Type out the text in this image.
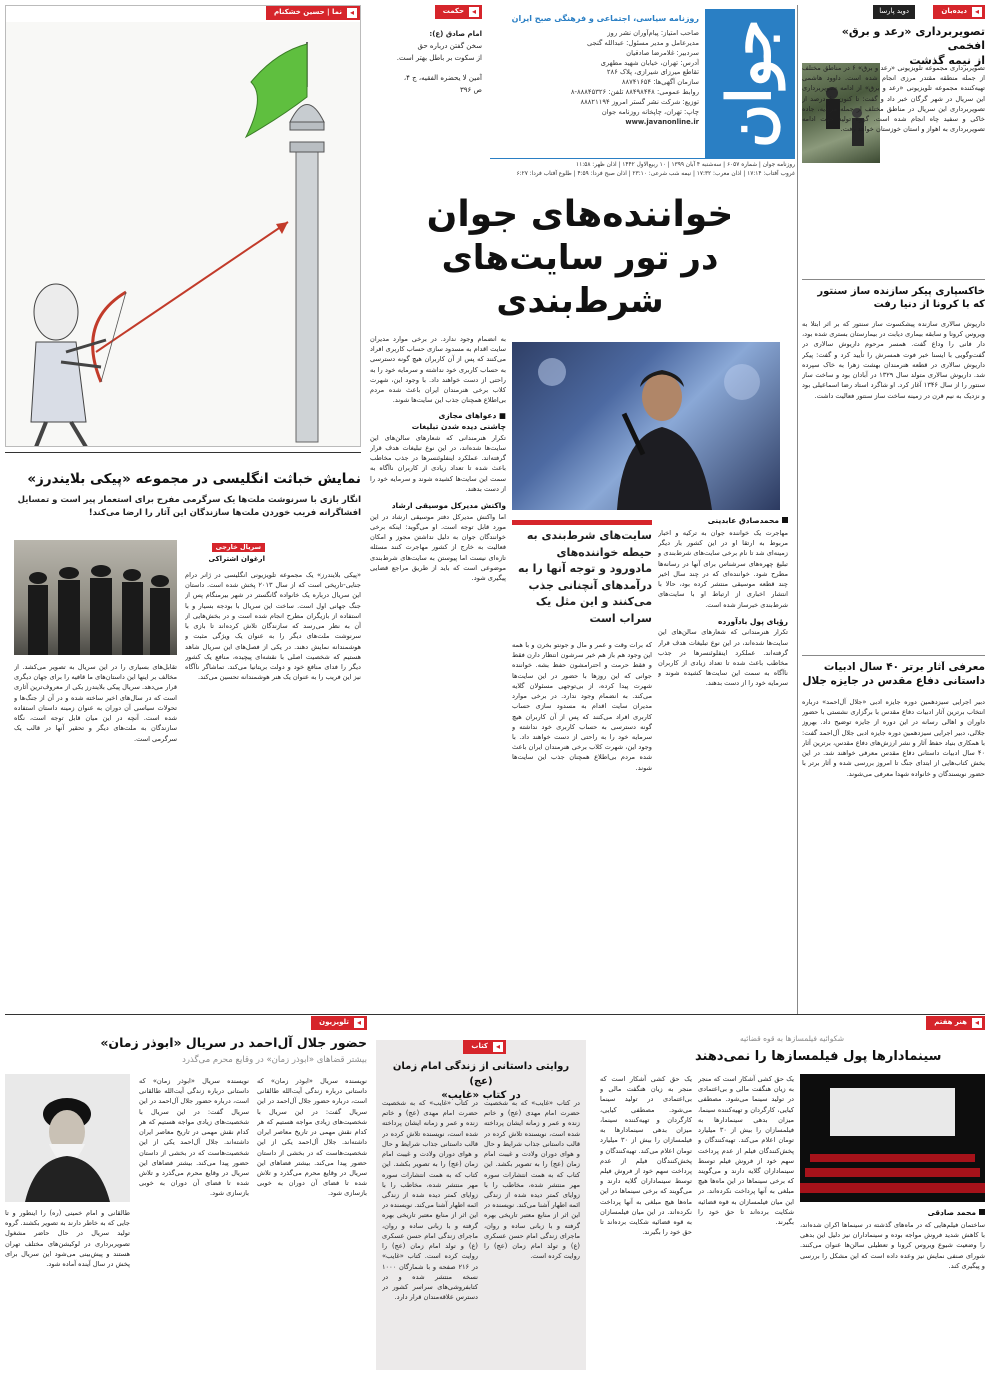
جوان
روزنامه سیاسی، اجتماعی و فرهنگی صبح ایران
صاحب امتیاز: پیام‌آوران نشر روز
مدیرعامل و مدیر مسئول: عبدالله گنجی
سردبیر: غلامرضا صادقیان
آدرس: تهران، خیابان شهید مطهری
تقاطع میرزای شیرازی، پلاک ۲۸۶
سازمان آگهی‌ها: ۸۸۷۴۱۶۵۴
روابط عمومی: ۸۸۴۹۸۴۴۸ تلفن: ۸۸۸۴۵۳۲۶-۸
توزیع: شرکت نشر گستر امروز ۸۸۸۲۱۱۹۴
چاپ: تهران، چاپخانه روزنامه جوان
www.javanonline.ir
روزنامه جوان | شماره ۶۰۵۷ | سه‌شنبه ۴ آبان ۱۳۹۹ | ۱۰ ربیع‌الاول ۱۴۴۲ | اذان ظهر: ۱۱:۵۸
غروب آفتاب: ۱۷:۱۴ | اذان مغرب: ۱۷:۳۲ | نیمه شب شرعی: ۲۳:۱۰ | اذان صبح فردا: ۴:۵۹ | طلوع آفتاب فردا: ۶:۲۷
◂
حکمت
امام صادق (ع):
سخن گفتن درباره حق
از سکوت بر باطل بهتر است.
آمین لا یحضره الفقیه، ج ۴،
ص ۳۹۶
◂
نما | حسین خشکنام	◂
دیده‌بان
دوید پارسا
تصویربرداری «رعد و برق» افخمی
از نیمه گذشت
تصویربرداری مجموعه تلویزیونی «رعد و برق» ۶ در مناطق مختلف از جمله منطقه مقتدر مرزی انجام شده است. داوود هاشمی تهیه‌کننده مجموعه تلویزیونی «رعد و برق» از ادامه تصویربرداری این سریال در شهر گرگان خبر داد و گفت: تا کنون ۶۰ درصد از تصویربرداری این سریال در مناطق مختلف از جمله مرادیه، جاده خاکی و سفید چاه انجام شده است. گروه تولید جهت ادامه تصویربرداری به اهواز و استان خوزستان خواهد رفت.
خاکسپاری پیکر سازنده ساز سنتور
که با کرونا از دنیا رفت
داریوش سالاری سازنده پیشکسوت ساز سنتور که بر اثر ابتلا به ویروس کرونا و سابقه بیماری دیابت در بیمارستان بستری شده بود، دار فانی را وداع گفت. همسر مرحوم داریوش سالاری در گفت‌وگویی با ایسنا خبر فوت همسرش را تأیید کرد و گفت: پیکر داریوش سالاری در قطعه هنرمندان بهشت زهرا به خاک سپرده شد. داریوش سالاری متولد سال ۱۳۲۹ در آبادان بود و ساخت ساز سنتور را از سال ۱۳۴۶ آغاز کرد. او شاگرد استاد رضا اسماعیلی بود و نزدیک به نیم قرن در زمینه ساخت ساز سنتور فعالیت داشت.
معرفی آثار برتر ۴۰ سال ادبیات
داستانی دفاع مقدس در جایزه جلال
دبیر اجرایی سیزدهمین دوره جایزه ادبی «جلال آل‌احمد» درباره انتخاب برترین آثار ادبیات دفاع مقدس با برگزاری نشستی با حضور داوران و اهالی رسانه در این دوره از جایزه توضیح داد. بهروز جلالی، دبیر اجرایی سیزدهمین دوره جایزه ادبی جلال آل‌احمد گفت: با همکاری بنیاد حفظ آثار و نشر ارزش‌های دفاع مقدس، برترین آثار ۴۰ سال ادبیات داستانی دفاع مقدس معرفی خواهند شد. در این بخش کتاب‌هایی از ابتدای جنگ تا امروز بررسی شده و آثار برتر با حضور نویسندگان و خانواده شهدا معرفی می‌شوند.
خواننده‌های جوان
در تور سایت‌های شرط‌بندی
محمدصادق عابدینی
مهاجرت یک خواننده جوان به ترکیه و اخبار مربوط به ارتقا او در این کشور بار دیگر زمینه‌ای شد تا نام برخی سایت‌های شرط‌بندی و تبلیغ چهره‌های سرشناس برای آنها در رسانه‌ها مطرح شود. خواننده‌ای که در چند سال اخیر چند قطعه موسیقی منتشر کرده بود، حالا با انتشار اخباری از ارتباط او با سایت‌های شرط‌بندی خبرساز شده است.
رؤیای پول بادآورده
تکرار هنرمندانی که شعارهای سالن‌های این سایت‌ها شده‌اند، در این نوع تبلیغات هدف قرار گرفته‌اند. عملکرد اینفلوئنسرها در جذب مخاطب باعث شده تا تعداد زیادی از کاربران ناآگاه به سمت این سایت‌ها کشیده شوند و سرمایه خود را از دست بدهند.
سایت‌های شرط‌بندی به حیطه خواننده‌های مادورود و توجه آنها را به درآمدهای آنچنانی جذب می‌کنند و این مثل یک سراب است
که برات وقت و عمر و مال و جونتو بخرن و با همه این وجود هم باز هم خیر سرشون انتظار دارن فقط و فقط حرمت و احترامشون حفظ بشه. خواننده جوانی که این روزها با حضور در این سایت‌ها شهرت پیدا کرده، از بی‌توجهی مسئولان گلایه می‌کند. به انضمام وجود ندارد. در برخی موارد مدیران سایت اقدام به مسدود سازی حساب کاربری افراد می‌کنند که پس از آن کاربران هیچ گونه دسترسی به حساب کاربری خود نداشته و سرمایه خود را به راحتی از دست خواهند داد. با وجود این، شهرت کلاب برخی هنرمندان ایران باعث شده مردم بی‌اطلاع همچنان جذب این سایت‌ها شوند.
به انضمام وجود ندارد. در برخی موارد مدیران سایت اقدام به مسدود سازی حساب کاربری افراد می‌کنند که پس از آن کاربران هیچ گونه دسترسی به حساب کاربری خود نداشته و سرمایه خود را به راحتی از دست خواهند داد. با وجود این، شهرت کلاب برخی هنرمندان ایران باعث شده مردم بی‌اطلاع همچنان جذب این سایت‌ها شوند.
■ دعواهای مجازی
چاشنی دیده شدن تبلیغات
تکرار هنرمندانی که شعارهای سالن‌های این سایت‌ها شده‌اند، در این نوع تبلیغات هدف قرار گرفته‌اند. عملکرد اینفلوئنسرها در جذب مخاطب باعث شده تا تعداد زیادی از کاربران ناآگاه به سمت این سایت‌ها کشیده شوند و سرمایه خود را از دست بدهند.
واکنش مدیرکل موسیقی ارشاد
اما واکنش مدیرکل دفتر موسیقی ارشاد در این مورد قابل توجه است. او می‌گوید: اینکه برخی خوانندگان جوان به دلیل نداشتن مجوز و امکان فعالیت به خارج از کشور مهاجرت کنند مسئله تازه‌ای نیست اما پیوستن به سایت‌های شرط‌بندی موضوعی است که باید از طریق مراجع قضایی پیگیری شود.
نمایش خباثت انگلیسی در مجموعه «پیکی بلایندرز»
انگار بازی با سرنوشت ملت‌ها یک سرگرمی مفرح برای استعمار پیر است و تمسایل افشاگرانه فریب خوردن ملت‌ها سازندگان این آثار را ارضا می‌کند!
سریال خارجی
ارغوان اشتراکی
«پیکی بلایندرز» یک مجموعه تلویزیونی انگلیسی در ژانر درام جنایی-تاریخی است که از سال ۲۰۱۳ پخش شده است. داستان این سریال درباره یک خانواده گانگستر در شهر بیرمنگام پس از جنگ جهانی اول است. ساخت این سریال با بودجه بسیار و با استفاده از بازیگران مطرح انجام شده است و در بخش‌هایی از آن به نظر می‌رسد که سازندگان تلاش کرده‌اند تا بازی با سرنوشت ملت‌های دیگر را به عنوان یک ویژگی مثبت و هوشمندانه نمایش دهند. در یکی از فصل‌های این سریال شاهد هستیم که شخصیت اصلی با نقشه‌ای پیچیده، منافع یک کشور دیگر را فدای منافع خود و دولت بریتانیا می‌کند. تماشاگر ناآگاه نیز این فریب را به عنوان یک هنر هوشمندانه تحسین می‌کند.
تقابل‌های بسیاری را در این سریال به تصویر می‌کشد. از مخالف بر اینها این داستان‌های ما قافیه را برای جهان دیگری قرار می‌دهد. سریال پیکی بلایندرز یکی از معروف‌ترین آثاری است که در سال‌های اخیر ساخته شده و در آن از جنگ‌ها و تحولات سیاسی آن دوران به عنوان زمینه داستان استفاده شده است. آنچه در این میان قابل توجه است، نگاه سازندگان به ملت‌های دیگر و تحقیر آنها در قالب یک سرگرمی است.
◂
تلویزیون
حضور جلال آل‌احمد در سریال «ابوذر زمان»
بیشتر قضاهای «ابوذر زمان» در وقایع محرم می‌گذرد
نویسنده سریال «ابوذر زمان» که داستانی درباره زندگی آیت‌الله طالقانی است، درباره حضور جلال آل‌احمد در این سریال گفت: در این سریال با شخصیت‌های زیادی مواجه هستیم که هر کدام نقش مهمی در تاریخ معاصر ایران داشته‌اند. جلال آل‌احمد یکی از این شخصیت‌هاست که در بخشی از داستان حضور پیدا می‌کند. بیشتر فضاهای این سریال در وقایع محرم می‌گذرد و تلاش شده تا فضای آن دوران به خوبی بازسازی شود.
نویسنده سریال «ابوذر زمان» که داستانی درباره زندگی آیت‌الله طالقانی است، درباره حضور جلال آل‌احمد در این سریال گفت: در این سریال با شخصیت‌های زیادی مواجه هستیم که هر کدام نقش مهمی در تاریخ معاصر ایران داشته‌اند. جلال آل‌احمد یکی از این شخصیت‌هاست که در بخشی از داستان حضور پیدا می‌کند. بیشتر فضاهای این سریال در وقایع محرم می‌گذرد و تلاش شده تا فضای آن دوران به خوبی بازسازی شود.
طالقانی و امام خمینی (ره) را اینطور و تا جایی که به خاطر دارند به تصویر بکشند. گروه تولید سریال در حال حاضر مشغول تصویربرداری در لوکیشن‌های مختلف تهران هستند و پیش‌بینی می‌شود این سریال برای پخش در سال آینده آماده شود.
◂
کتاب
روایتی داستانی از زندگی امام زمان (عج)
در کتاب «غایب»
در کتاب «غایب» که به شخصیت حضرت امام مهدی (عج) و خاتم زنده و عمر و زمانه ایشان پرداخته شده است، نویسنده تلاش کرده در قالب داستانی جذاب شرایط و حال و هوای دوران ولادت و غیبت امام زمان (عج) را به تصویر بکشد. این کتاب که به همت انتشارات سوره مهر منتشر شده، مخاطب را با زوایای کمتر دیده شده از زندگی ائمه اطهار آشنا می‌کند. نویسنده در این اثر از منابع معتبر تاریخی بهره گرفته و با زبانی ساده و روان، ماجرای زندگی امام حسن عسکری (ع) و تولد امام زمان (عج) را روایت کرده است.
در کتاب «غایب» که به شخصیت حضرت امام مهدی (عج) و خاتم زنده و عمر و زمانه ایشان پرداخته شده است، نویسنده تلاش کرده در قالب داستانی جذاب شرایط و حال و هوای دوران ولادت و غیبت امام زمان (عج) را به تصویر بکشد. این کتاب که به همت انتشارات سوره مهر منتشر شده، مخاطب را با زوایای کمتر دیده شده از زندگی ائمه اطهار آشنا می‌کند. نویسنده در این اثر از منابع معتبر تاریخی بهره گرفته و با زبانی ساده و روان، ماجرای زندگی امام حسن عسکری (ع) و تولد امام زمان (عج) را روایت کرده است. کتاب «غایب» در ۲۱۶ صفحه و با شمارگان ۱۰۰۰ نسخه منتشر شده و در کتابفروشی‌های سراسر کشور در دسترس علاقه‌مندان قرار دارد.
◂
هنر هفتم
شکوائیه فیلمسازها به قوه قضائیه
سینمادارها پول فیلمسازها را نمی‌دهند
محمد صادقی
ساختمان فیلم‌هایی که در ماه‌های گذشته در سینماها اکران شده‌اند، با کاهش شدید فروش مواجه بوده و سینماداران نیز دلیل این بدهی را وضعیت شیوع ویروس کرونا و تعطیلی سالن‌ها عنوان می‌کنند. شورای صنفی نمایش نیز وعده داده است که این مشکل را بررسی و پیگیری کند.
یک حق کشی آشکار است که منجر به زیان هنگفت مالی و بی‌اعتمادی در تولید سینما می‌شود. مصطفی کیایی، کارگردان و تهیه‌کننده سینما، میزان بدهی سینمادارها به فیلمسازان را بیش از ۳۰ میلیارد تومان اعلام می‌کند. تهیه‌کنندگان و پخش‌کنندگان فیلم از عدم پرداخت سهم خود از فروش فیلم توسط سینماداران گلایه دارند و می‌گویند که برخی سینماها در این ماه‌ها هیچ مبلغی به آنها پرداخت نکرده‌اند. در این میان فیلمسازان به قوه قضائیه شکایت برده‌اند تا حق خود را بگیرند.
یک حق کشی آشکار است که منجر به زیان هنگفت مالی و بی‌اعتمادی در تولید سینما می‌شود. مصطفی کیایی، کارگردان و تهیه‌کننده سینما، میزان بدهی سینمادارها به فیلمسازان را بیش از ۳۰ میلیارد تومان اعلام می‌کند. تهیه‌کنندگان و پخش‌کنندگان فیلم از عدم پرداخت سهم خود از فروش فیلم توسط سینماداران گلایه دارند و می‌گویند که برخی سینماها در این ماه‌ها هیچ مبلغی به آنها پرداخت نکرده‌اند. در این میان فیلمسازان به قوه قضائیه شکایت برده‌اند تا حق خود را بگیرند.
